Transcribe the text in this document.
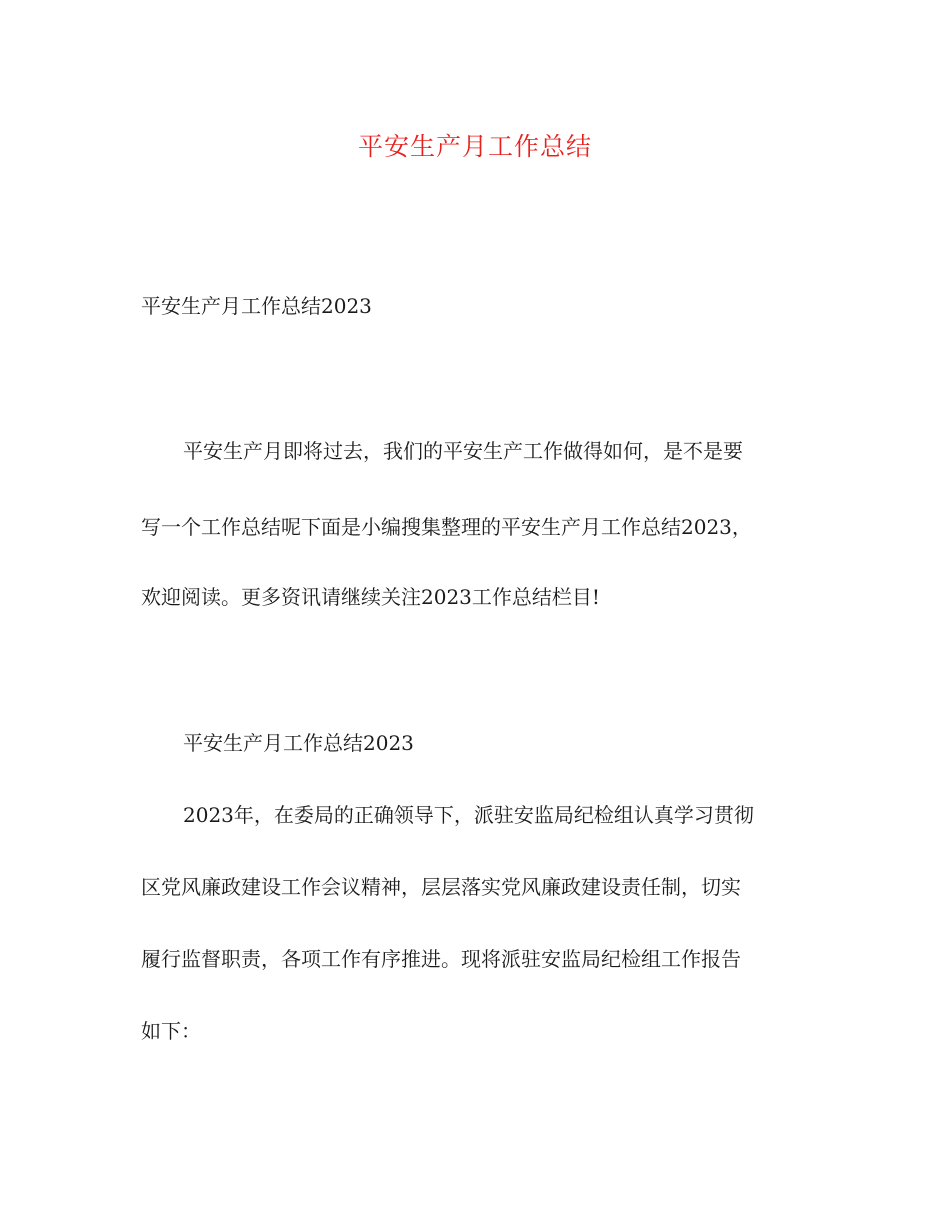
平安生产月工作总结
平安生产月工作总结2023
平安生产月即将过去，我们的平安生产工作做得如何，是不是要
写一个工作总结呢下面是小编搜集整理的平安生产月工作总结2023，
欢迎阅读。更多资讯请继续关注2023工作总结栏目!
平安生产月工作总结2023
2023年，在委局的正确领导下，派驻安监局纪检组认真学习贯彻
区党风廉政建设工作会议精神，层层落实党风廉政建设责任制，切实
履行监督职责，各项工作有序推进。现将派驻安监局纪检组工作报告
如下：
